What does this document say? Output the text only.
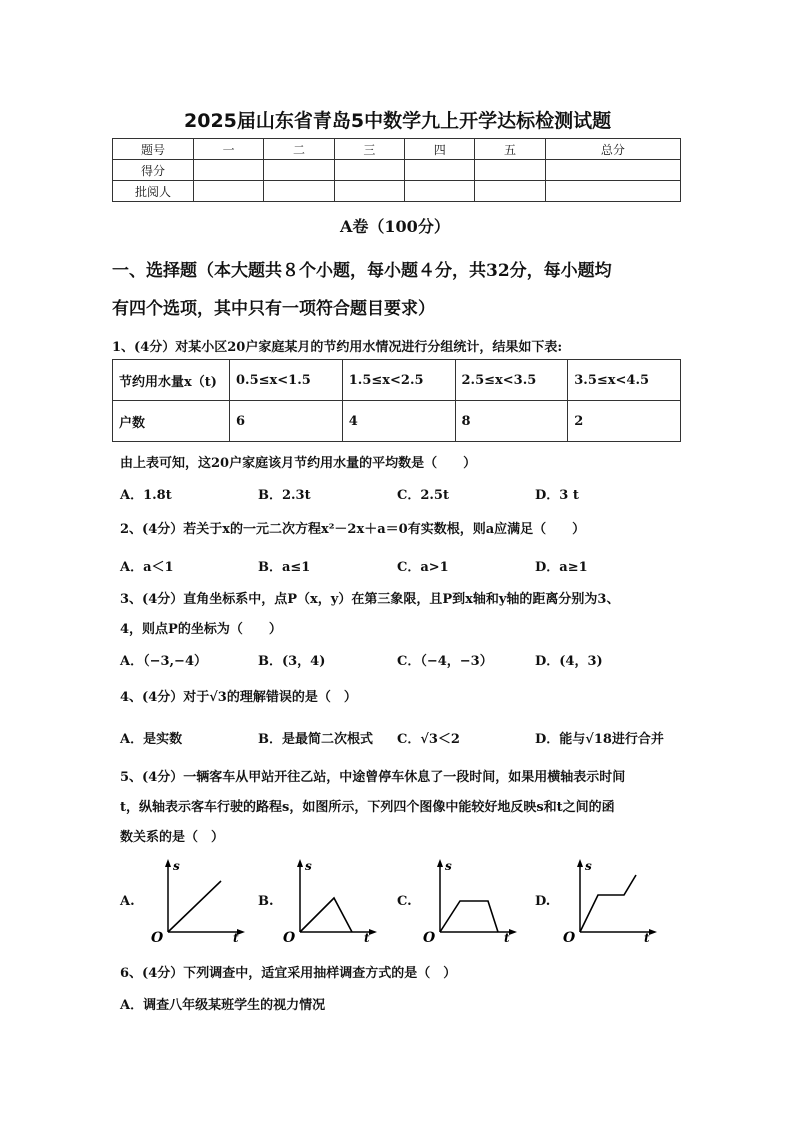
2025届山东省青岛5中数学九上开学达标检测试题
题号	一	二	三	四	五	总分
得分						
批阅人						
A卷（100分）
一、选择题（本大题共８个小题，每小题４分，共32分，每小题均
有四个选项，其中只有一项符合题目要求）
1、(4分）对某小区20户家庭某月的节约用水情况进行分组统计，结果如下表:
节约用水量x（t)	0.5≤x<1.5	1.5≤x<2.5	2.5≤x<3.5	3.5≤x<4.5
户数	6	4	8	2
由上表可知，这20户家庭该月节约用水量的平均数是（　　）
A．1.8t	B．2.3t	C．2.5t	D．3 t
2、(4分）若关于x的一元二次方程x²－2x＋a＝0有实数根，则a应满足（　　）
A．a＜1	B．a≤1	C．a>1	D．a≥1
3、(4分）直角坐标系中，点P（x，y）在第三象限，且P到x轴和y轴的距离分别为3、
4，则点P的坐标为（　　）
A．（−3,−4）	B．(3，4)	C．（−4，−3）	D．(4，3)
4、(4分）对于√3的理解错误的是（　）
A．是实数	B．是最简二次根式 C．√3＜2	D．能与√18进行合并
5、(4分）一辆客车从甲站开往乙站，中途曾停车休息了一段时间，如果用横轴表示时间
t，纵轴表示客车行驶的路程s，如图所示，下列四个图像中能较好地反映s和t之间的函
数关系的是（　）
A.
s
t
O
B.
s
t
O
C.
s
t
O
D.
s
t
O
6、(4分）下列调查中，适宜采用抽样调查方式的是（　）
A．调查八年级某班学生的视力情况
